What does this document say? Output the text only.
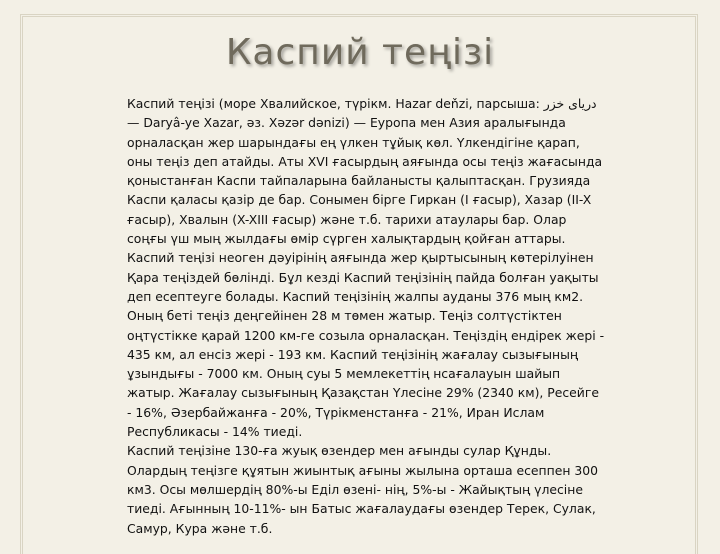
Каспий теңізі

Каспий теңізі (море Хвалийское, түрікм. Hazar deňzi, парсыша: دریای خزر — Daryâ-ye Xazar, әз. Xəzər dənizi) — Еуропа мен Азия аралығында орналасқан жер шарындағы ең үлкен тұйық көл. Үлкендігіне қарап, оны теңіз деп атайды. Аты XVI ғасырдың аяғында осы теңіз жағасында қоныстанған Каспи тайпаларына байланысты қалыптасқан. Грузияда Каспи қаласы қазір де бар. Сонымен бірге Гиркан (I ғасыр), Хазар (II-X ғасыр), Хвалын (X-XIII ғасыр) және т.б. тарихи атаулары бар. Олар соңғы үш мың жылдағы өмір сүрген халықтардың қойған аттары.

Каспий теңізі неоген дәуірінің аяғында жер қыртысының көтерілуінен Қара теңіздей бөлінді. Бұл кезді Каспий теңізінің пайда болған уақыты деп есептеуге болады. Каспий теңізінің жалпы ауданы 376 мың км2. Оның беті теңіз деңгейінен 28 м төмен жатыр. Теңіз солтүстіктен оңтүстікке қарай 1200 км-ге созыла орналасқан. Теңіздің ендірек жері - 435 км, ал енсіз жері - 193 км. Каспий теңізінің жағалау сызығының ұзындығы - 7000 км. Оның суы 5 мемлекеттің нсағалауын шайып жатыр. Жағалау сызығының Қазақстан Үлесіне 29% (2340 км), Ресейге - 16%, Әзербайжанға - 20%, Түрікменстанға - 21%, Иран Ислам Республикасы - 14% тиеді.

Каспий теңізіне 130-ға жуық өзендер мен ағынды сулар Құнды. Олардың теңізге құятын жиынтық ағыны жылына орташа есеппен 300 км3. Осы мөлшердің 80%-ы Еділ өзені- нің, 5%-ы - Жайықтың үлесіне тиеді. Ағынның 10-11%- ын Батыс жағалаудағы өзендер Терек, Сулак, Самур, Кура және т.б.
